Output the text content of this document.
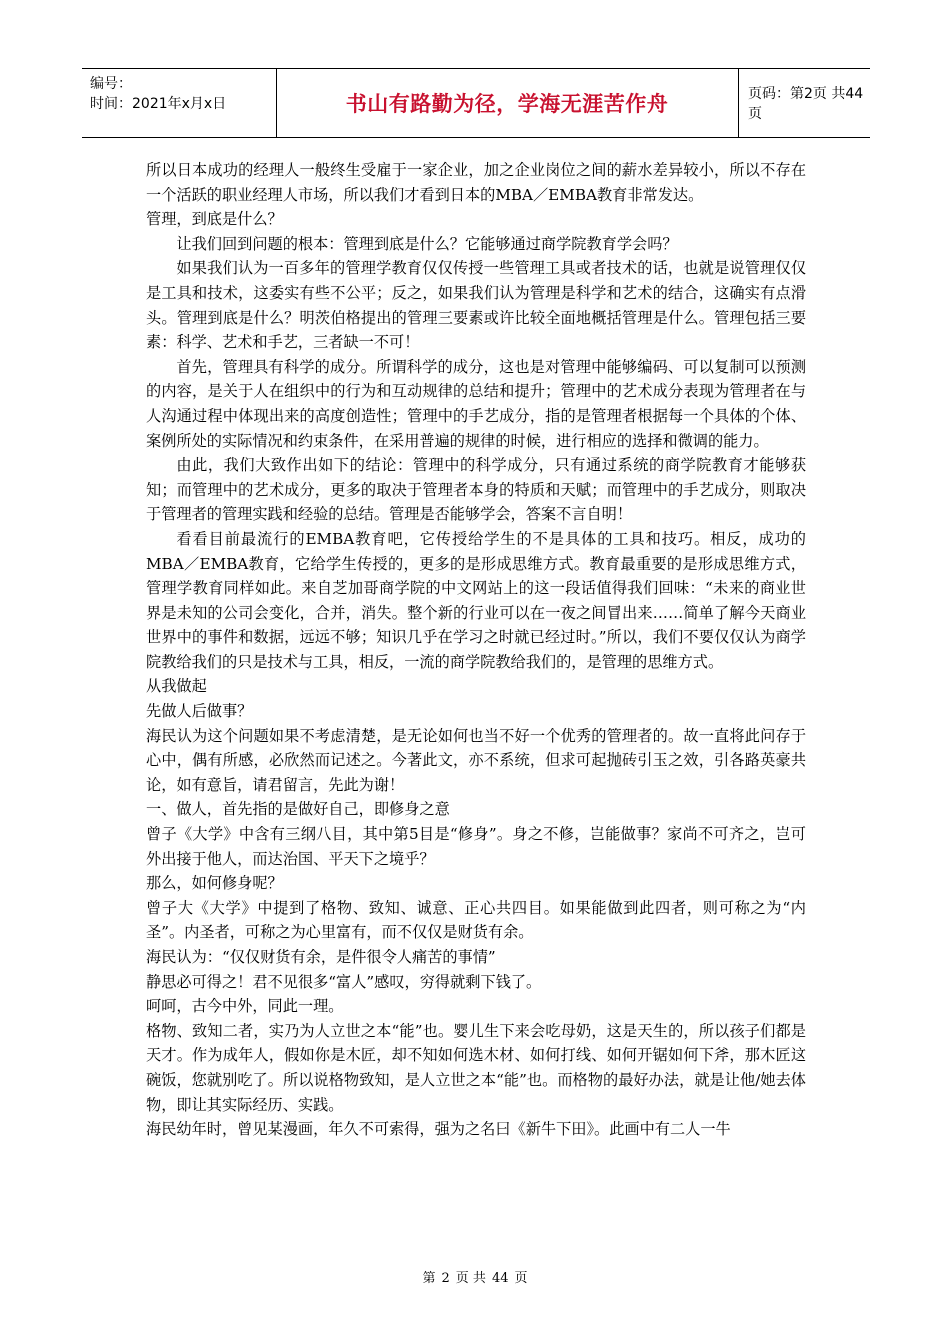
编号：
时间：2021年x月x日	书山有路勤为径，学海无涯苦作舟	页码：第2页 共44页

所以日本成功的经理人一般终生受雇于一家企业，加之企业岗位之间的薪水差异较小，所以不存在一个活跃的职业经理人市场，所以我们才看到日本的MBA／EMBA教育非常发达。

管理，到底是什么？

让我们回到问题的根本：管理到底是什么？它能够通过商学院教育学会吗？

如果我们认为一百多年的管理学教育仅仅传授一些管理工具或者技术的话，也就是说管理仅仅是工具和技术，这委实有些不公平；反之，如果我们认为管理是科学和艺术的结合，这确实有点滑头。管理到底是什么？明茨伯格提出的管理三要素或许比较全面地概括管理是什么。管理包括三要素：科学、艺术和手艺，三者缺一不可！

首先，管理具有科学的成分。所谓科学的成分，这也是对管理中能够编码、可以复制可以预测的内容，是关于人在组织中的行为和互动规律的总结和提升；管理中的艺术成分表现为管理者在与人沟通过程中体现出来的高度创造性；管理中的手艺成分，指的是管理者根据每一个具体的个体、案例所处的实际情况和约束条件，在采用普遍的规律的时候，进行相应的选择和微调的能力。

由此，我们大致作出如下的结论：管理中的科学成分，只有通过系统的商学院教育才能够获知；而管理中的艺术成分，更多的取决于管理者本身的特质和天赋；而管理中的手艺成分，则取决于管理者的管理实践和经验的总结。管理是否能够学会，答案不言自明！

看看目前最流行的EMBA教育吧，它传授给学生的不是具体的工具和技巧。相反，成功的MBA／EMBA教育，它给学生传授的，更多的是形成思维方式。教育最重要的是形成思维方式，管理学教育同样如此。来自芝加哥商学院的中文网站上的这一段话值得我们回味：“未来的商业世界是未知的公司会变化，合并，消失。整个新的行业可以在一夜之间冒出来……简单了解今天商业世界中的事件和数据，远远不够；知识几乎在学习之时就已经过时。”所以，我们不要仅仅认为商学院教给我们的只是技术与工具，相反，一流的商学院教给我们的，是管理的思维方式。

从我做起

先做人后做事？

海民认为这个问题如果不考虑清楚，是无论如何也当不好一个优秀的管理者的。故一直将此问存于心中，偶有所感，必欣然而记述之。今著此文，亦不系统，但求可起抛砖引玉之效，引各路英豪共论，如有意旨，请君留言，先此为谢！

一、做人，首先指的是做好自己，即修身之意

曾子《大学》中含有三纲八目，其中第5目是“修身”。身之不修，岂能做事？家尚不可齐之，岂可外出接于他人，而达治国、平天下之境乎？

那么，如何修身呢？

曾子大《大学》中提到了格物、致知、诚意、正心共四目。如果能做到此四者，则可称之为“内圣”。内圣者，可称之为心里富有，而不仅仅是财货有余。

海民认为：“仅仅财货有余，是件很令人痛苦的事情”

静思必可得之！君不见很多“富人”感叹，穷得就剩下钱了。

呵呵，古今中外，同此一理。

格物、致知二者，实乃为人立世之本“能”也。婴儿生下来会吃母奶，这是天生的，所以孩子们都是天才。作为成年人，假如你是木匠，却不知如何选木材、如何打线、如何开锯如何下斧，那木匠这碗饭，您就别吃了。所以说格物致知，是人立世之本“能”也。而格物的最好办法，就是让他/她去体物，即让其实际经历、实践。

海民幼年时，曾见某漫画，年久不可索得，强为之名曰《新牛下田》。此画中有二人一牛

第 2 页 共 44 页
